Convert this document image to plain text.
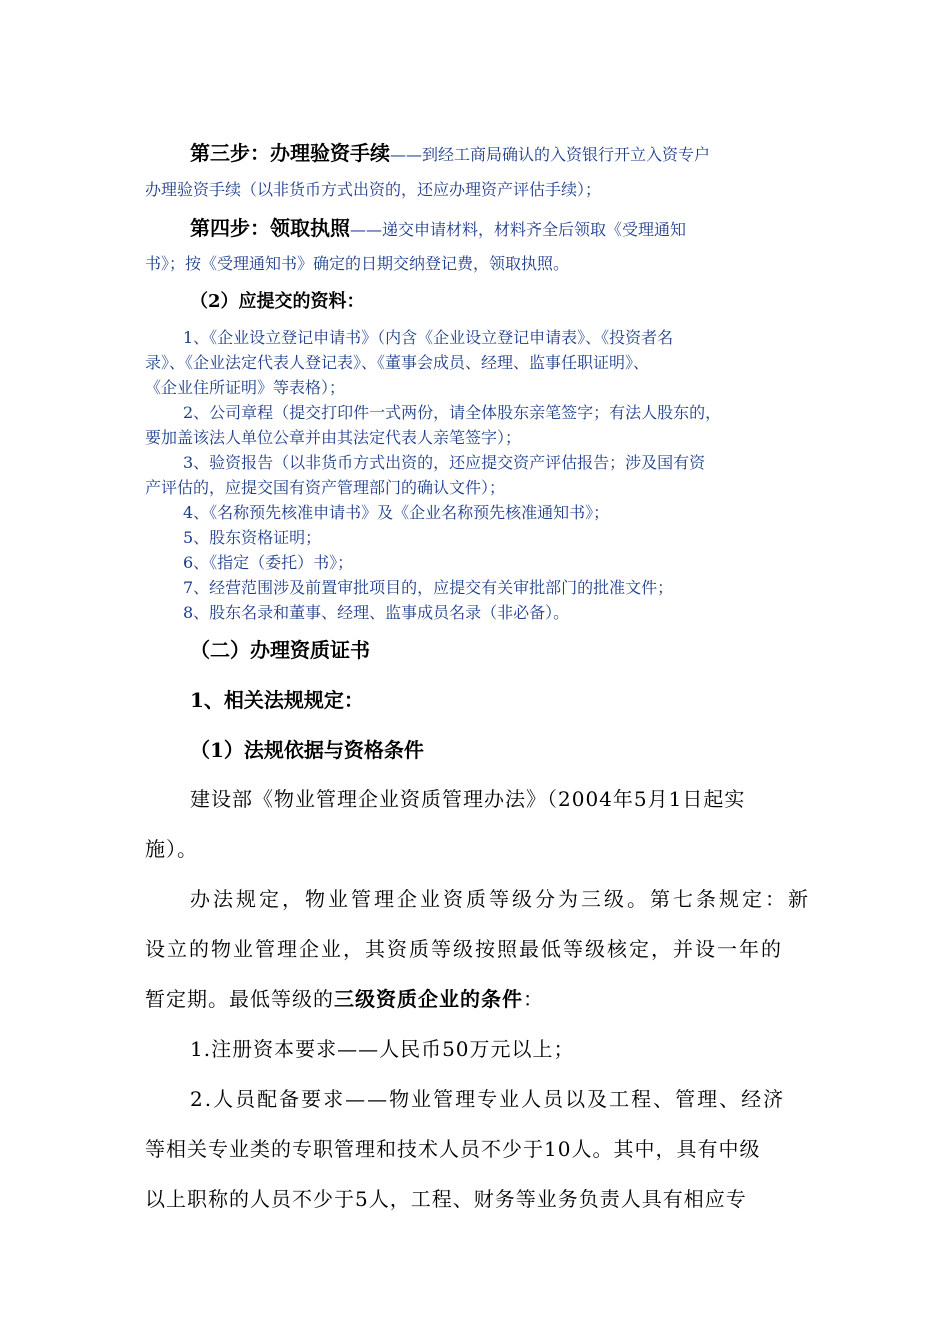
第三步：办理验资手续——到经工商局确认的入资银行开立入资专户
办理验资手续（以非货币方式出资的，还应办理资产评估手续）；
第四步：领取执照——递交申请材料，材料齐全后领取《受理通知
书》；按《受理通知书》确定的日期交纳登记费，领取执照。
（2）应提交的资料：
1、《企业设立登记申请书》（内含《企业设立登记申请表》、《投资者名
录》、《企业法定代表人登记表》、《董事会成员、经理、监事任职证明》、
《企业住所证明》等表格）；
2、公司章程（提交打印件一式两份，请全体股东亲笔签字；有法人股东的，
要加盖该法人单位公章并由其法定代表人亲笔签字）；
3、验资报告（以非货币方式出资的，还应提交资产评估报告；涉及国有资
产评估的，应提交国有资产管理部门的确认文件）；
4、《名称预先核准申请书》及《企业名称预先核准通知书》；
5、股东资格证明；
6、《指定（委托）书》；
7、经营范围涉及前置审批项目的，应提交有关审批部门的批准文件；
8、股东名录和董事、经理、监事成员名录（非必备）。
（二）办理资质证书
1、相关法规规定：
（1）法规依据与资格条件
建设部《物业管理企业资质管理办法》（2004年5月1日起实
施）。
办法规定，物业管理企业资质等级分为三级。第七条规定：新
设立的物业管理企业，其资质等级按照最低等级核定，并设一年的
暂定期。最低等级的三级资质企业的条件：
1.注册资本要求——人民币50万元以上；
2.人员配备要求——物业管理专业人员以及工程、管理、经济
等相关专业类的专职管理和技术人员不少于10人。其中，具有中级
以上职称的人员不少于5人，工程、财务等业务负责人具有相应专
